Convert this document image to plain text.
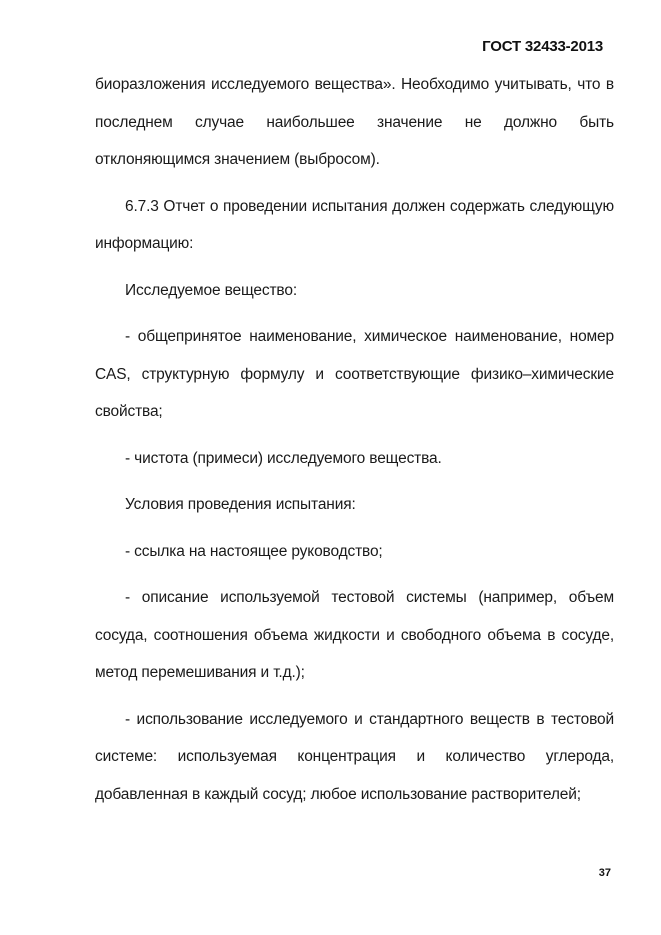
ГОСТ 32433-2013

биоразложения исследуемого вещества». Необходимо учитывать, что в последнем случае наибольшее значение не должно быть отклоняющимся значением (выбросом).

6.7.3 Отчет о проведении испытания должен содержать следующую информацию:

Исследуемое вещество:

- общепринятое наименование, химическое наименование, номер CAS, структурную формулу и соответствующие физико–химические свойства;

- чистота (примеси) исследуемого вещества.

Условия проведения испытания:

- ссылка на настоящее руководство;

- описание используемой тестовой системы (например, объем сосуда, соотношения объема жидкости и свободного объема в сосуде, метод перемешивания и т.д.);

- использование исследуемого и стандартного веществ в тестовой системе: используемая концентрация и количество углерода, добавленная в каждый сосуд; любое использование растворителей;

37
